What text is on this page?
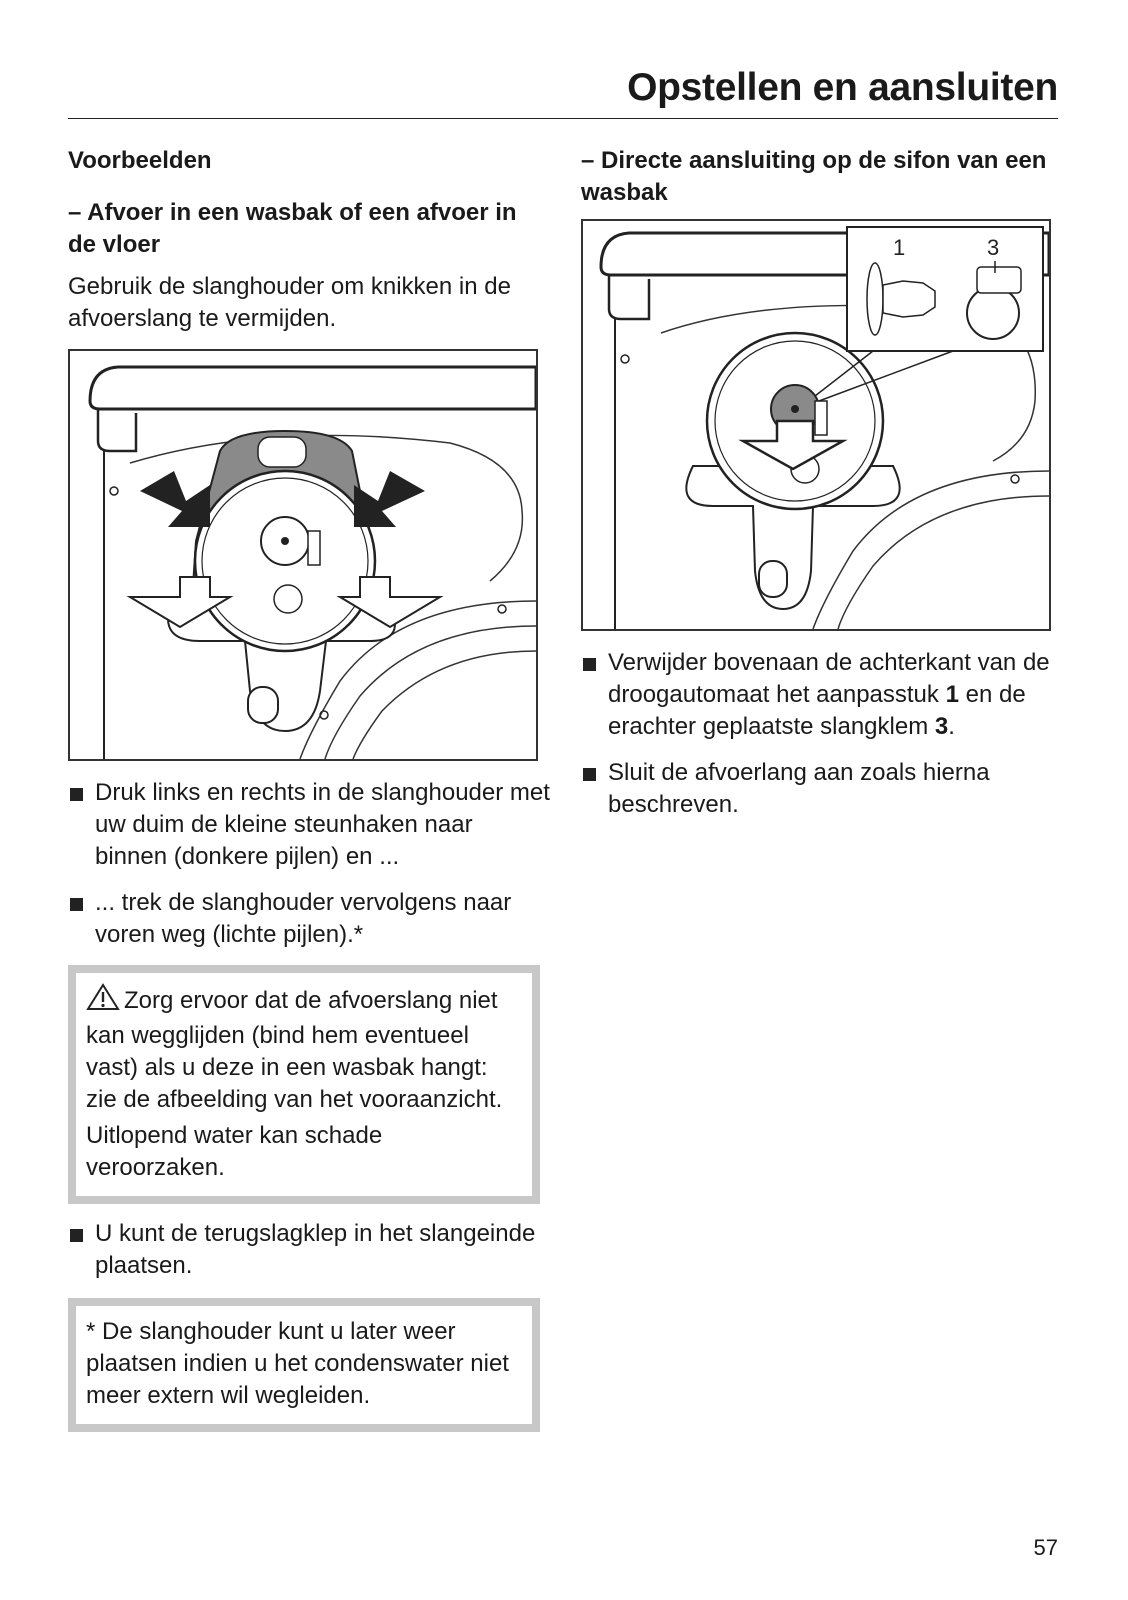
Opstellen en aansluiten

Voorbeelden

– Afvoer in een wasbak of een afvoer in de vloer

Gebruik de slanghouder om knikken in de afvoerslang te vermijden.

Druk links en rechts in de slanghouder met uw duim de kleine steunhaken naar binnen (donkere pijlen) en ...

... trek de slanghouder vervolgens naar voren weg (lichte pijlen).*

Zorg ervoor dat de afvoerslang niet kan wegglijden (bind hem eventueel vast) als u deze in een wasbak hangt: zie de afbeelding van het vooraanzicht.

Uitlopend water kan schade veroorzaken.

U kunt de terugslagklep in het slangeinde plaatsen.

* De slanghouder kunt u later weer plaatsen indien u het condenswater niet meer extern wil wegleiden.

– Directe aansluiting op de sifon van een wasbak

1	3

Verwijder bovenaan de achterkant van de droogautomaat het aanpasstuk 1 en de erachter geplaatste slangklem 3.

Sluit de afvoerlang aan zoals hierna beschreven.

57
